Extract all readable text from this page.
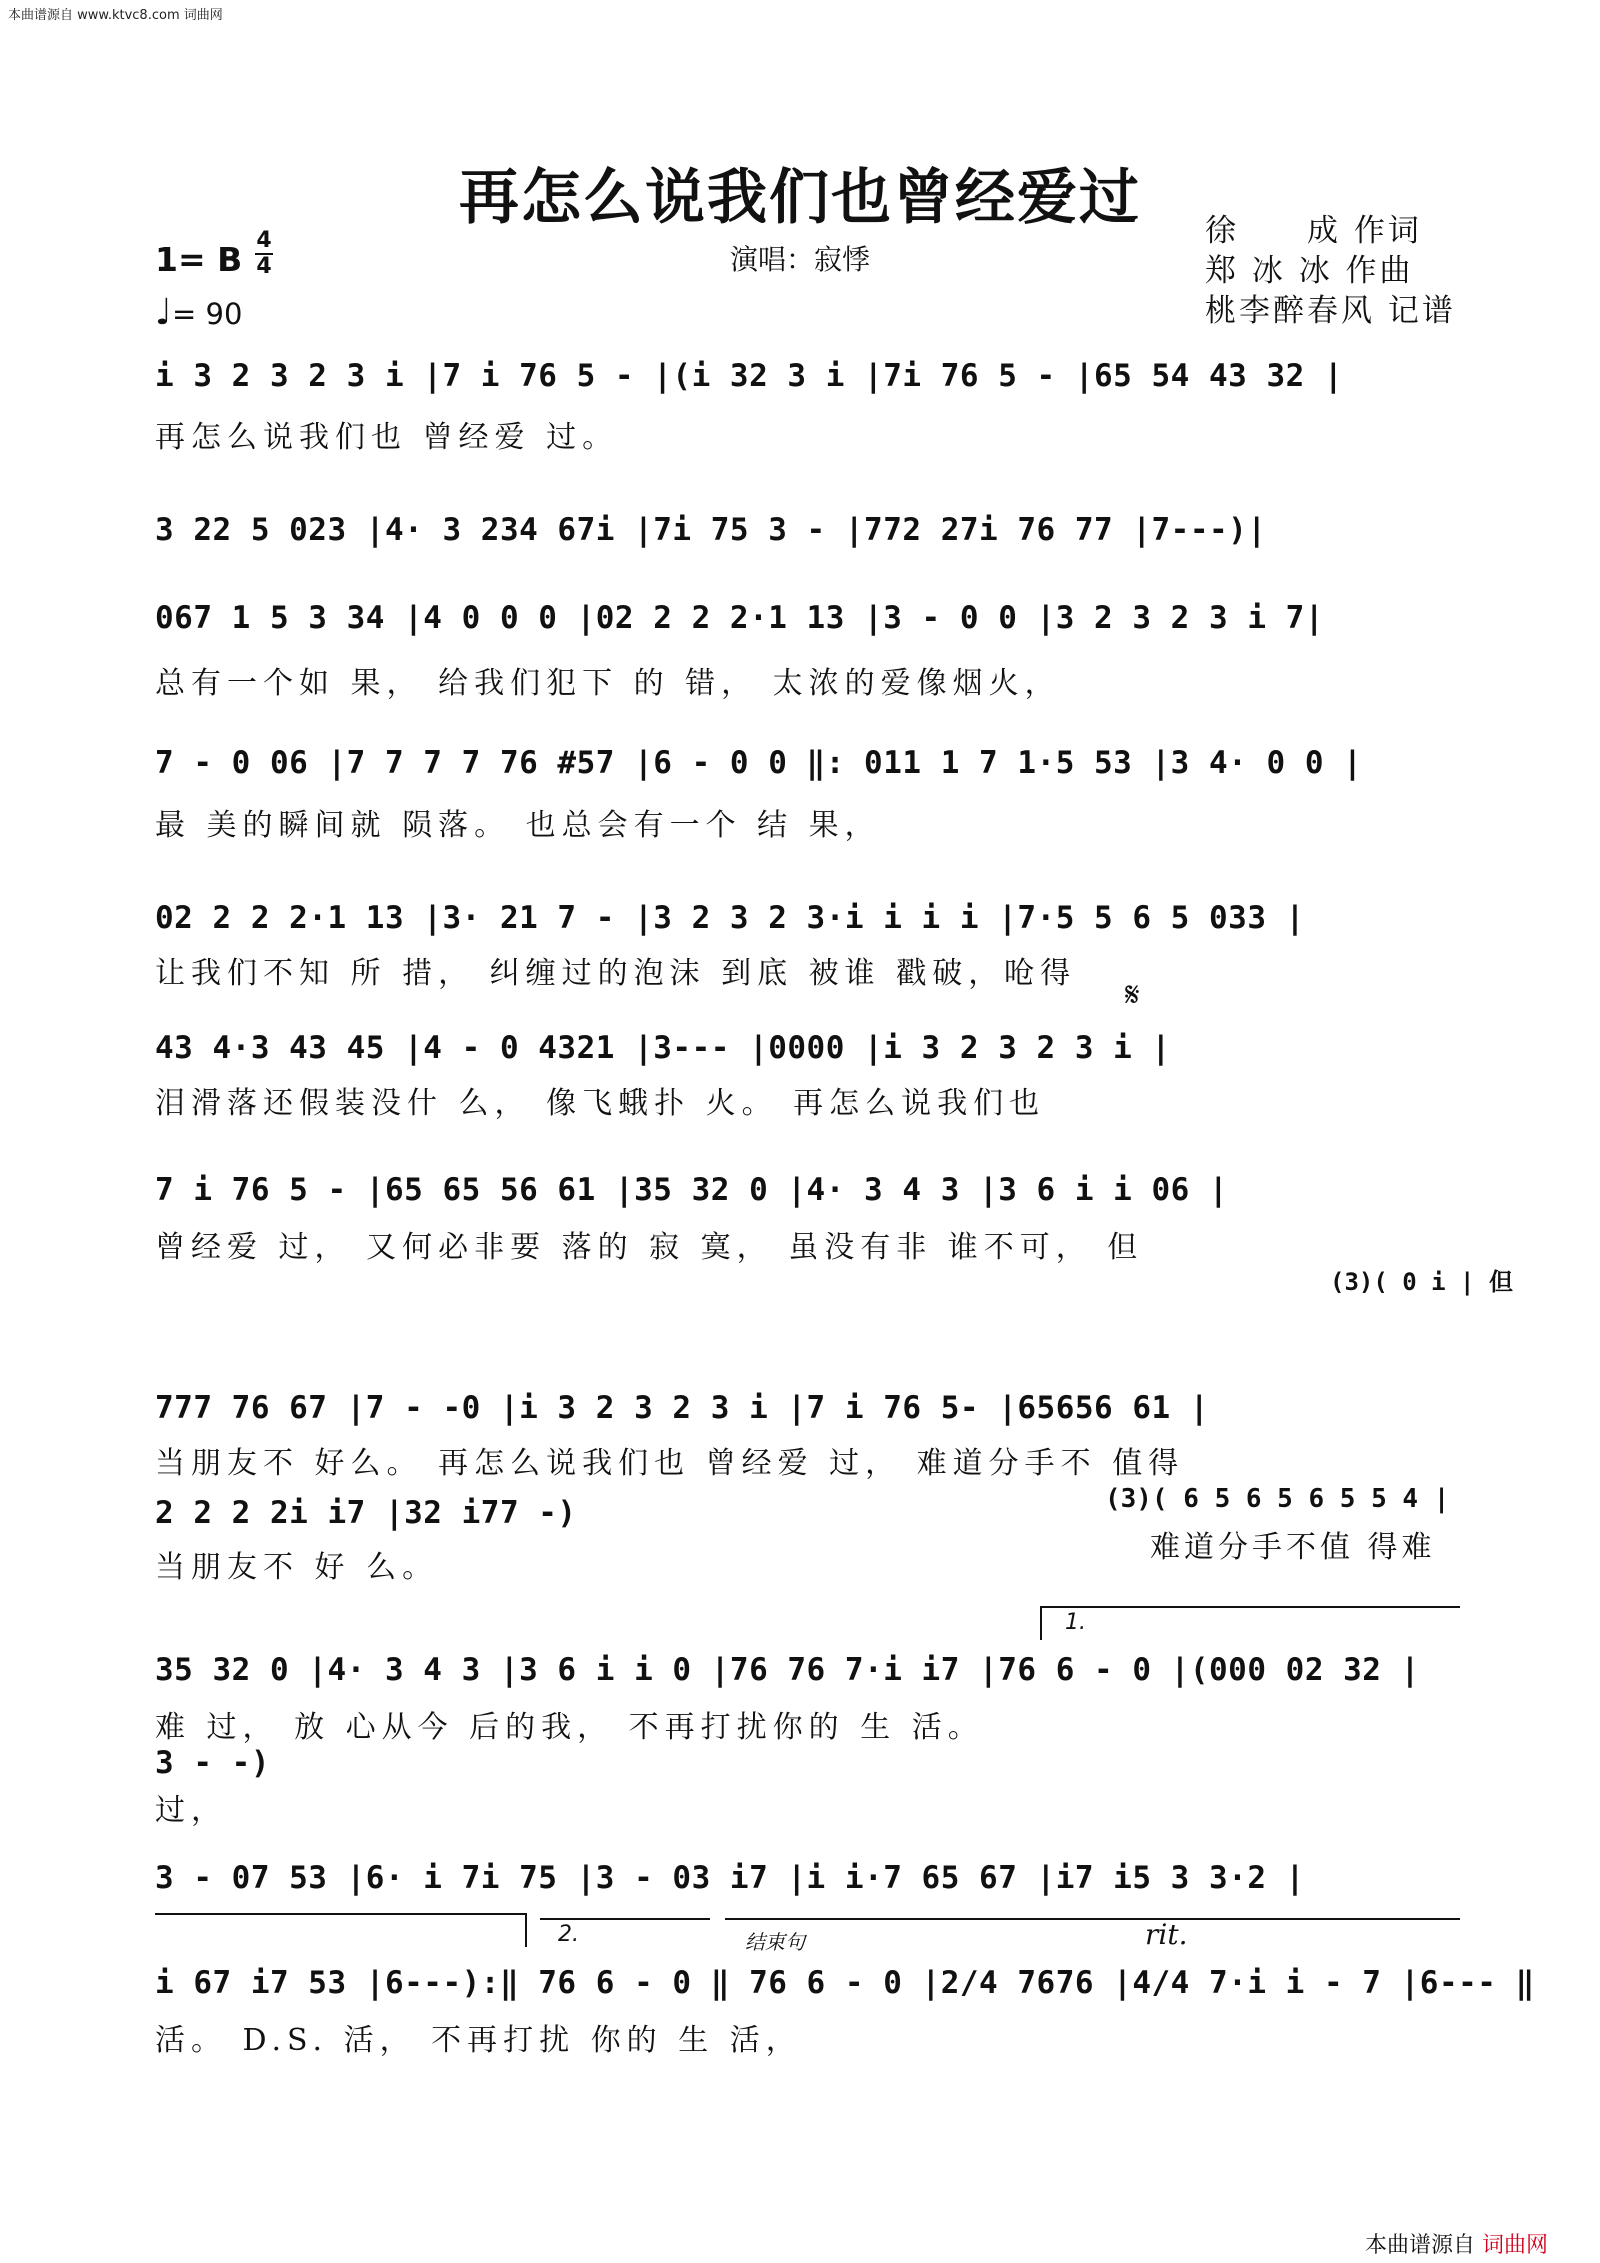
本曲谱源自 www.ktvc8.com 词曲网
再怎么说我们也曾经爱过
演唱：寂悸
徐　　成 作词
郑 冰 冰 作曲
桃李醉春风 记谱
1= B 4
4
♩= 90
i 3 2 3 2 3 i |7 i 76 5 - |(i 32 3 i |7i 76 5 - |65 54 43 32 |
再怎么说我们也 曾经爱 过。
3 22 5 023 |4· 3 234 67i |7i 75 3 - |772 27i 76 77 |7---)|
067 1 5 3 34 |4 0 0 0 |02 2 2 2·1 13 |3 - 0 0 |3 2 3 2 3 i 7|
总有一个如 果， 给我们犯下 的 错， 太浓的爱像烟火，
7 - 0 06 |7 7 7 7 76 #57 |6 - 0 0 ‖: 011 1 7 1·5 53 |3 4· 0 0 |
最 美的瞬间就 陨落。 也总会有一个 结 果，
02 2 2 2·1 13 |3· 21 7 - |3 2 3 2 3·i i i i |7·5 5 6 5 033 |
让我们不知 所 措， 纠缠过的泡沫 到底 被谁 戳破，呛得
𝄋
43 4·3 43 45 |4 - 0 4321 |3--- |0000 |i 3 2 3 2 3 i |
泪滑落还假装没什 么， 像飞蛾扑 火。 再怎么说我们也
7 i 76 5 - |65 65 56 61 |35 32 0 |4· 3 4 3 |3 6 i i 06 |
曾经爱 过， 又何必非要 落的 寂 寞， 虽没有非 谁不可， 但
(3)( 0 i | 但
777 76 67 |7 - -0 |i 3 2 3 2 3 i |7 i 76 5- |65656 61 |
当朋友不 好么。 再怎么说我们也 曾经爱 过， 难道分手不 值得
2 2 2 2i i7 |32 i77 -)
当朋友不 好 么。
(3)( 6 5 6 5 6 5 5 4 |
难道分手不值 得难
1.
35 32 0 |4· 3 4 3 |3 6 i i 0 |76 76 7·i i7 |76 6 - 0 |(000 02 32 |
难 过， 放 心从今 后的我， 不再打扰你的 生 活。
3 - -)
过，
3 - 07 53 |6· i 7i 75 |3 - 03 i7 |i i·7 65 67 |i7 i5 3 3·2 |
2.	结束句	rit.
i 67 i7 53 |6---):‖ 76 6 - 0 ‖ 76 6 - 0 |2/4 7676 |4/4 7·i i - 7 |6--- ‖
活。 D.S. 活， 不再打扰 你的 生 活，
本曲谱源自 词曲网
